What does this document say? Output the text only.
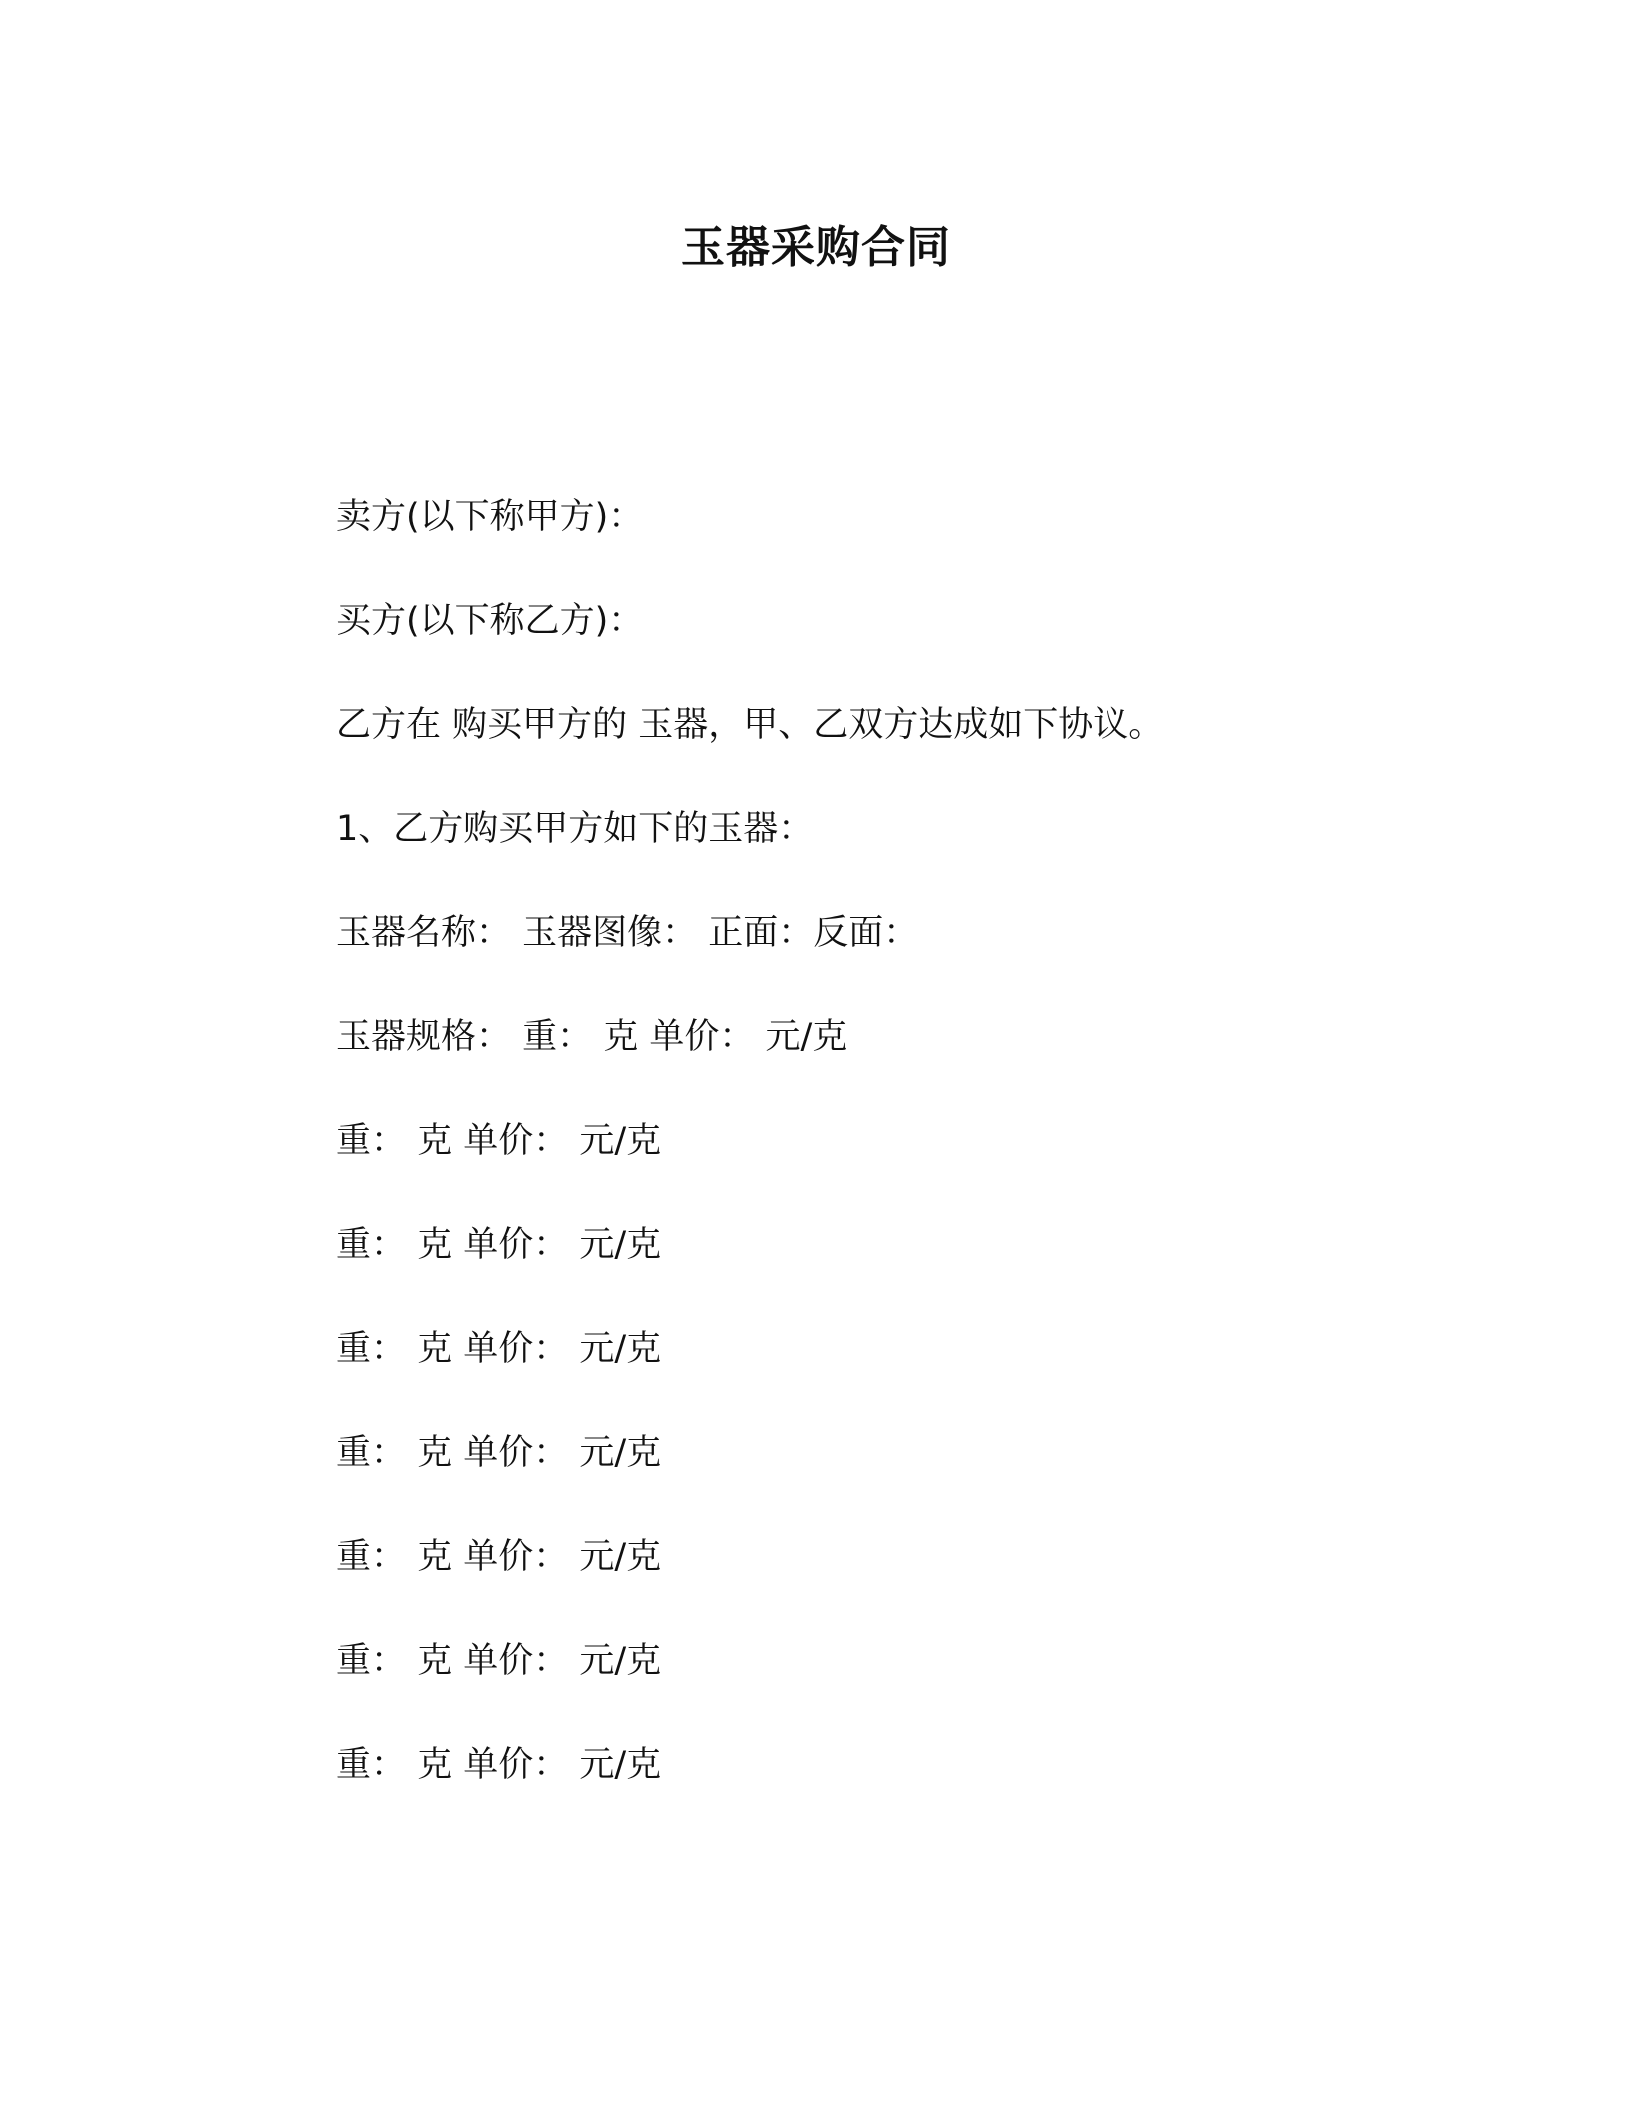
玉器采购合同
卖方(以下称甲方)：
买方(以下称乙方)：
乙方在 购买甲方的 玉器，甲、乙双方达成如下协议。
1、乙方购买甲方如下的玉器：
玉器名称： 玉器图像： 正面：反面：
玉器规格： 重： 克 单价： 元/克
重： 克 单价： 元/克
重： 克 单价： 元/克
重： 克 单价： 元/克
重： 克 单价： 元/克
重： 克 单价： 元/克
重： 克 单价： 元/克
重： 克 单价： 元/克
